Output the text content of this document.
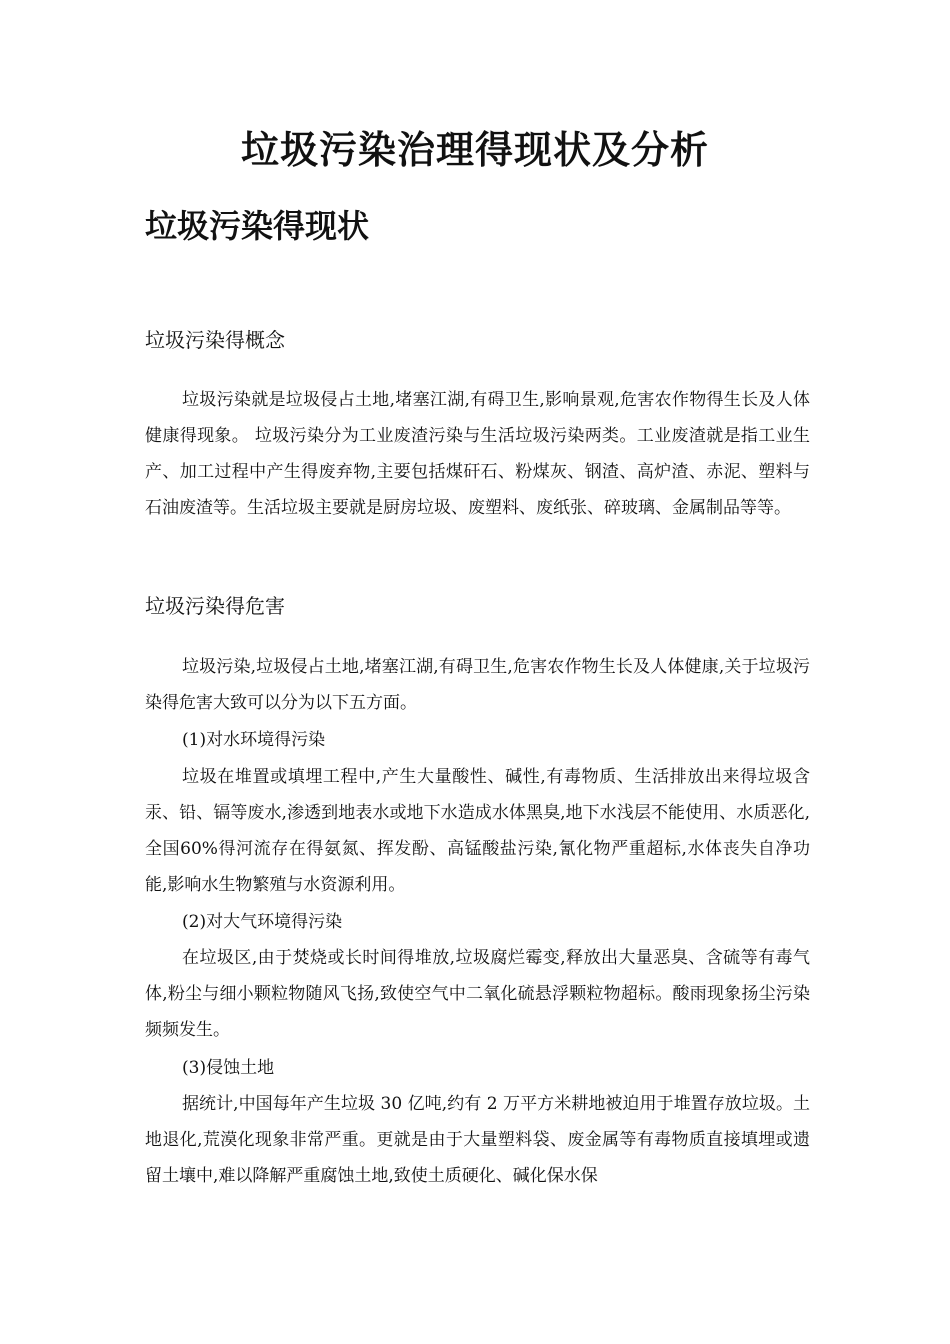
垃圾污染治理得现状及分析
垃圾污染得现状
垃圾污染得概念

垃圾污染就是垃圾侵占土地,堵塞江湖,有碍卫生,影响景观,危害农作物得生长及人体健康得现象。 垃圾污染分为工业废渣污染与生活垃圾污染两类。工业废渣就是指工业生产、加工过程中产生得废弃物,主要包括煤矸石、粉煤灰、钢渣、高炉渣、赤泥、塑料与石油废渣等。生活垃圾主要就是厨房垃圾、废塑料、废纸张、碎玻璃、金属制品等等。

垃圾污染得危害

垃圾污染,垃圾侵占土地,堵塞江湖,有碍卫生,危害农作物生长及人体健康,关于垃圾污染得危害大致可以分为以下五方面。

(1)对水环境得污染

垃圾在堆置或填埋工程中,产生大量酸性、碱性,有毒物质、生活排放出来得垃圾含汞、铅、镉等废水,渗透到地表水或地下水造成水体黑臭,地下水浅层不能使用、水质恶化,全国60%得河流存在得氨氮、挥发酚、高锰酸盐污染,氰化物严重超标,水体丧失自净功能,影响水生物繁殖与水资源利用。

(2)对大气环境得污染

在垃圾区,由于焚烧或长时间得堆放,垃圾腐烂霉变,释放出大量恶臭、含硫等有毒气体,粉尘与细小颗粒物随风飞扬,致使空气中二氧化硫悬浮颗粒物超标。酸雨现象扬尘污染频频发生。

(3)侵蚀土地

据统计,中国每年产生垃圾 30 亿吨,约有 2 万平方米耕地被迫用于堆置存放垃圾。土地退化,荒漠化现象非常严重。更就是由于大量塑料袋、废金属等有毒物质直接填埋或遗留土壤中,难以降解严重腐蚀土地,致使土质硬化、碱化保水保
